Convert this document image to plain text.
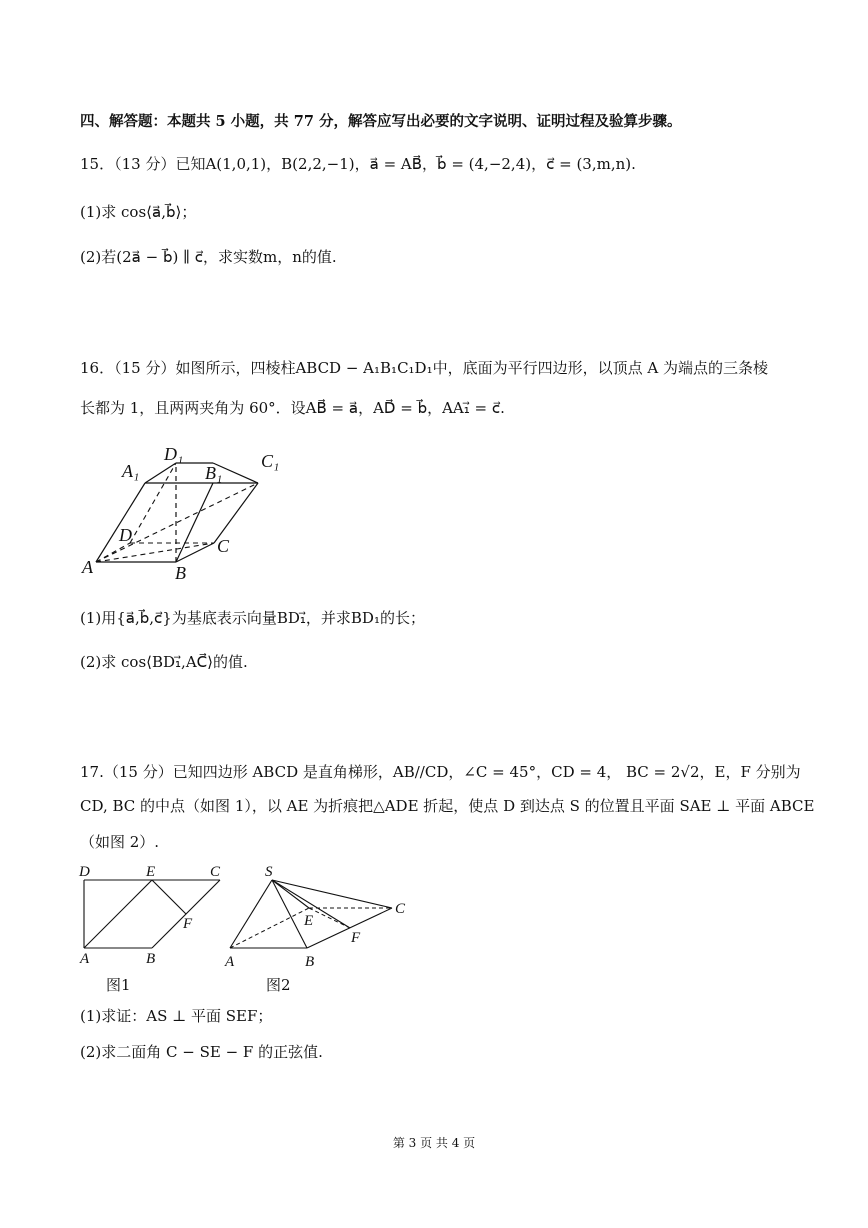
四、解答题：本题共 5 小题，共 77 分，解答应写出必要的文字说明、证明过程及验算步骤。
15．（13 分）已知A(1,0,1)，B(2,2,−1)，a⃗ = AB⃗，b⃗ = (4,−2,4)，c⃗ = (3,m,n).
(1)求 cos⟨a⃗,b⃗⟩；
(2)若(2a⃗ − b⃗) ∥ c⃗，求实数m，n的值.
16．（15 分）如图所示，四棱柱ABCD − A₁B₁C₁D₁中，底面为平行四边形，以顶点 A 为端点的三条棱
长都为 1，且两两夹角为 60°．设AB⃗ = a⃗，AD⃗ = b⃗，AA₁⃗ = c⃗.
D₁
A₁	B₁
C₁
D
C
A	B
(1)用{a⃗,b⃗,c⃗}为基底表示向量BD₁⃗，并求BD₁的长；
(2)求 cos⟨BD₁⃗,AC⃗⟩的值.
17.（15 分）已知四边形 ABCD 是直角梯形，AB//CD，∠C = 45°，CD = 4， BC = 2√2，E，F 分别为
CD, BC 的中点（如图 1），以 AE 为折痕把△ADE 折起，使点 D 到达点 S 的位置且平面 SAE ⊥ 平面 ABCE
（如图 2）.
D	E	C
F
A	B
图1
S
E
C
F
A	B
图2
(1)求证：AS ⊥ 平面 SEF；
(2)求二面角 C − SE − F 的正弦值.
第 3 页 共 4 页
